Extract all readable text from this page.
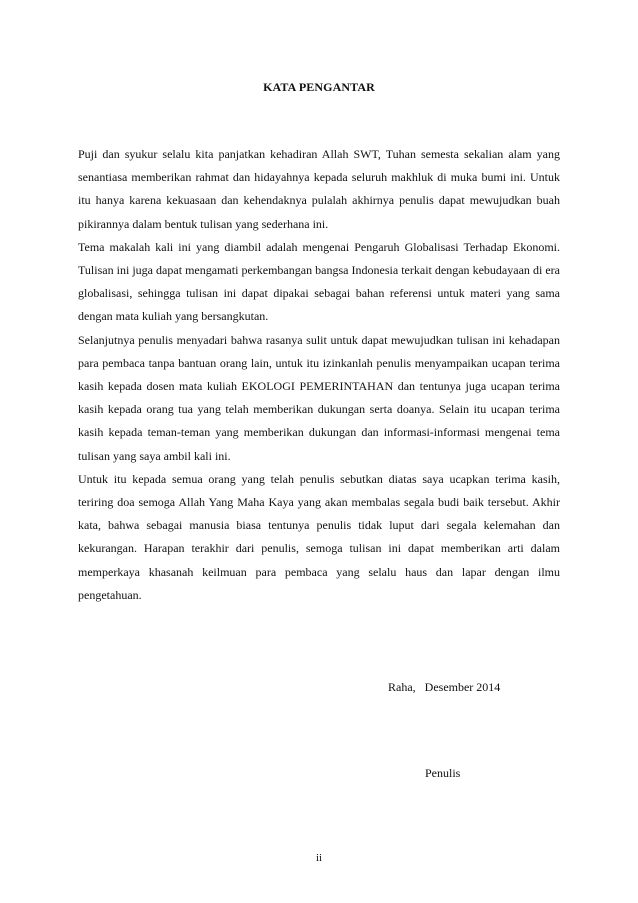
KATA PENGANTAR

Puji dan syukur selalu kita panjatkan kehadiran Allah SWT, Tuhan semesta sekalian alam yang senantiasa memberikan rahmat dan hidayahnya kepada seluruh makhluk di muka bumi ini. Untuk itu hanya karena kekuasaan dan kehendaknya pulalah akhirnya penulis dapat mewujudkan buah pikirannya dalam bentuk tulisan yang sederhana ini.

Tema makalah kali ini yang diambil adalah mengenai Pengaruh Globalisasi Terhadap Ekonomi. Tulisan ini juga dapat mengamati perkembangan bangsa Indonesia terkait dengan kebudayaan di era globalisasi, sehingga tulisan ini dapat dipakai sebagai bahan referensi untuk materi yang sama dengan mata kuliah yang bersangkutan.

Selanjutnya penulis menyadari bahwa rasanya sulit untuk dapat mewujudkan tulisan ini kehadapan para pembaca tanpa bantuan orang lain, untuk itu izinkanlah penulis menyampaikan ucapan terima kasih kepada dosen mata kuliah EKOLOGI PEMERINTAHAN dan tentunya juga ucapan terima kasih kepada orang tua yang telah memberikan dukungan serta doanya. Selain itu ucapan terima kasih kepada teman-teman yang memberikan dukungan dan informasi-informasi mengenai tema tulisan yang saya ambil kali ini.

Untuk itu kepada semua orang yang telah penulis sebutkan diatas saya ucapkan terima kasih, teriring doa semoga Allah Yang Maha Kaya yang akan membalas segala budi baik tersebut. Akhir kata, bahwa sebagai manusia biasa tentunya penulis tidak luput dari segala kelemahan dan kekurangan. Harapan terakhir dari penulis, semoga tulisan ini dapat memberikan arti dalam memperkaya khasanah keilmuan para pembaca yang selalu haus dan lapar dengan ilmu pengetahuan.

Raha,   Desember 2014
Penulis
ii
